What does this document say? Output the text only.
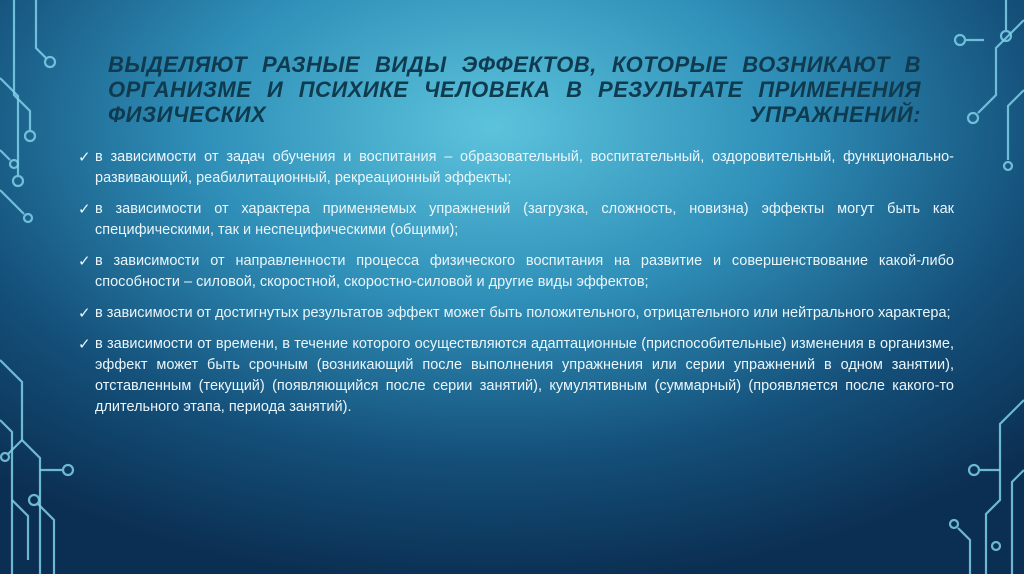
ВЫДЕЛЯЮТ РАЗНЫЕ ВИДЫ ЭФФЕКТОВ, КОТОРЫЕ ВОЗНИКАЮТ В
ОРГАНИЗМЕ И ПСИХИКЕ ЧЕЛОВЕКА В РЕЗУЛЬТАТЕ ПРИМЕНЕНИЯ
ФИЗИЧЕСКИХ	УПРАЖНЕНИЙ:
✓ в зависимости от задач обучения и воспитания – образовательный, воспитательный, оздоровительный, функционально-развивающий, реабилитационный, рекреационный эффекты;
✓ в зависимости от характера применяемых упражнений (загрузка, сложность, новизна) эффекты могут быть как специфическими, так и неспецифическими (общими);
✓ в зависимости от направленности процесса физического воспитания на развитие и совершенствование какой-либо способности – силовой, скоростной, скоростно-силовой и другие виды эффектов;
✓ в зависимости от достигнутых результатов эффект может быть положительного, отрицательного или нейтрального характера;
✓ в зависимости от времени, в течение которого осуществляются адаптационные (приспособительные) изменения в организме, эффект может быть срочным (возникающий после выполнения упражнения или серии упражнений в одном занятии), отставленным (текущий) (появляющийся после серии занятий), кумулятивным (суммарный) (проявляется после какого-то длительного этапа, периода занятий).
